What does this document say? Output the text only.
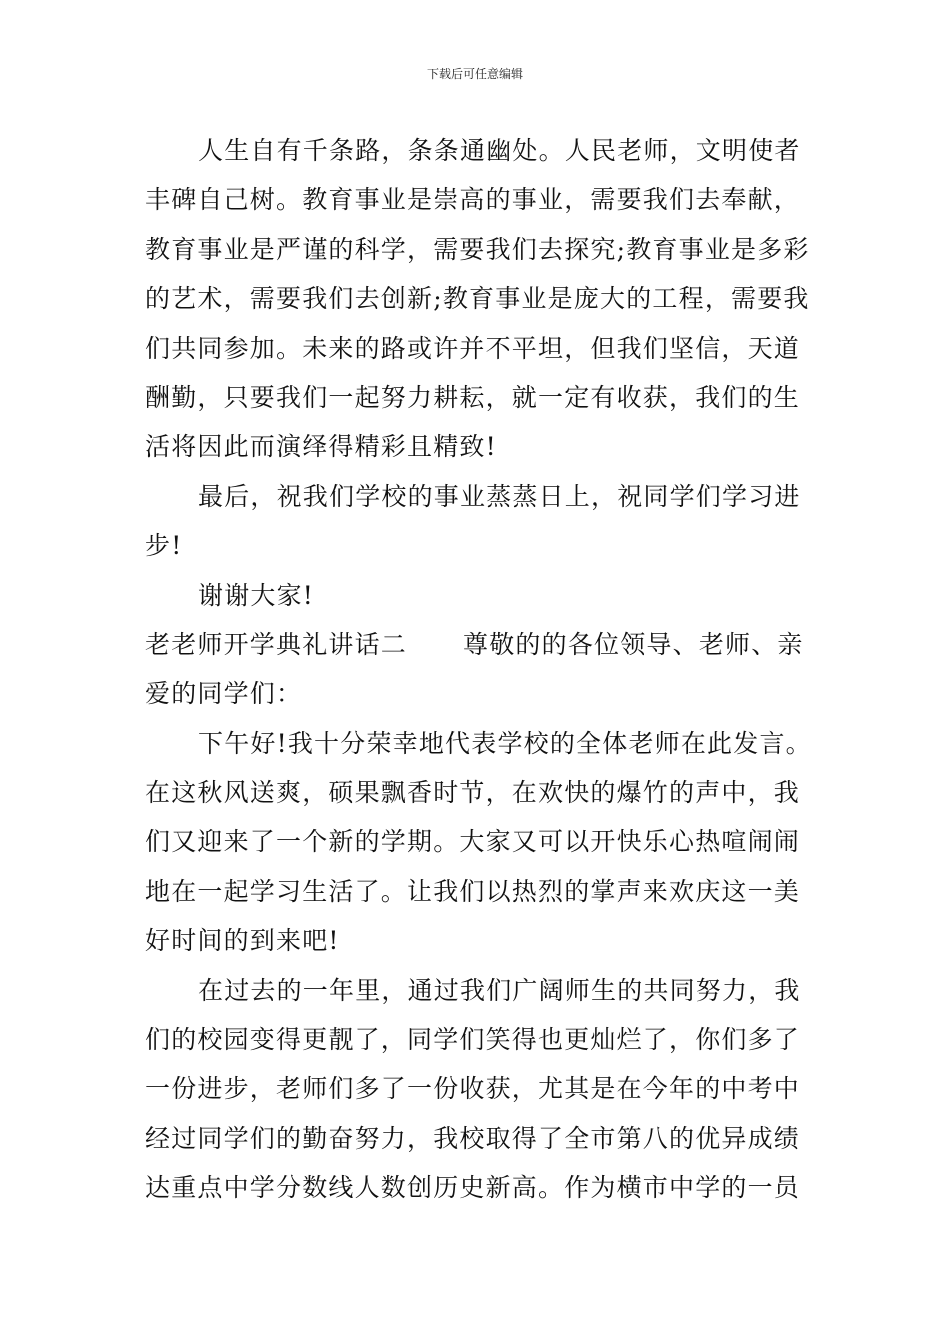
下载后可任意编辑
人生自有千条路，条条通幽处。人民老师，文明使者
丰碑自己树。教育事业是崇高的事业，需要我们去奉献，
教育事业是严谨的科学，需要我们去探究;教育事业是多彩
的艺术，需要我们去创新;教育事业是庞大的工程，需要我
们共同参加。未来的路或许并不平坦，但我们坚信，天道
酬勤，只要我们一起努力耕耘，就一定有收获，我们的生
活将因此而演绎得精彩且精致!
最后，祝我们学校的事业蒸蒸日上，祝同学们学习进
步!
谢谢大家!
老老师开学典礼讲话二 尊敬的的各位领导、老师、亲
爱的同学们：
下午好!我十分荣幸地代表学校的全体老师在此发言。
在这秋风送爽，硕果飘香时节，在欢快的爆竹的声中，我
们又迎来了一个新的学期。大家又可以开快乐心热喧闹闹
地在一起学习生活了。让我们以热烈的掌声来欢庆这一美
好时间的到来吧!
在过去的一年里，通过我们广阔师生的共同努力，我
们的校园变得更靓了，同学们笑得也更灿烂了，你们多了
一份进步，老师们多了一份收获，尤其是在今年的中考中
经过同学们的勤奋努力，我校取得了全市第八的优异成绩
达重点中学分数线人数创历史新高。作为横市中学的一员
